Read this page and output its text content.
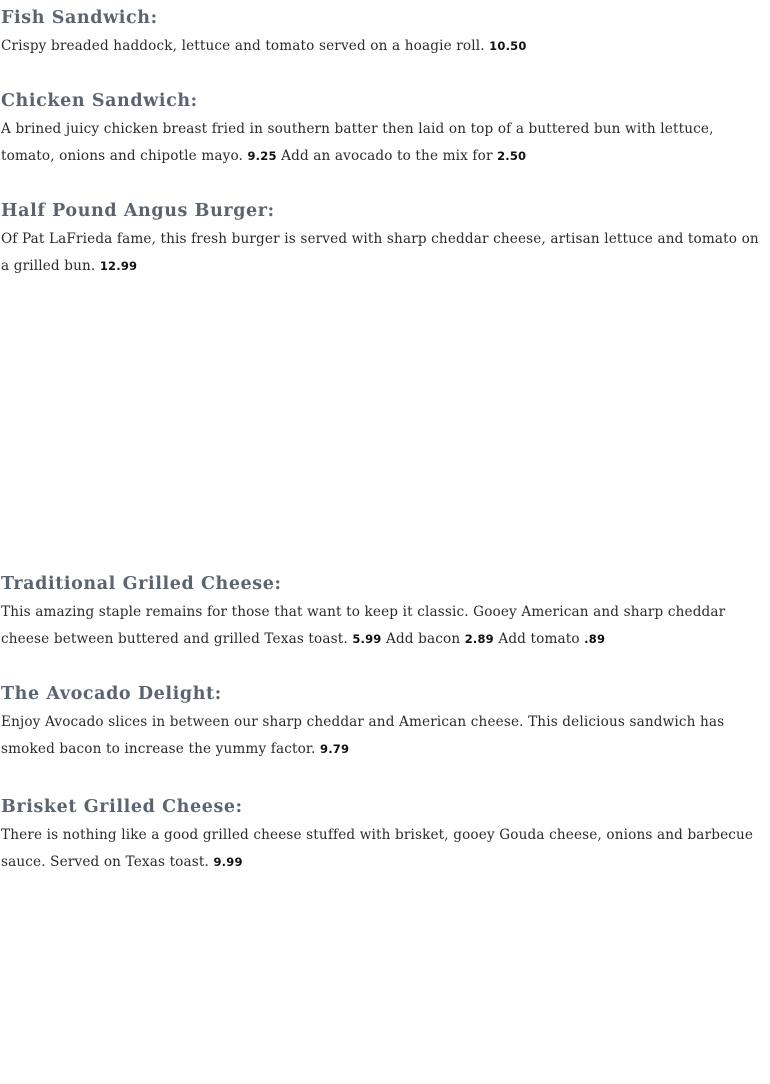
Fish Sandwich:

Crispy breaded haddock, lettuce and tomato served on a hoagie roll. 10.50

Chicken Sandwich:

A brined juicy chicken breast fried in southern batter then laid on top of a buttered bun with lettuce, tomato, onions and chipotle mayo. 9.25 Add an avocado to the mix for 2.50

Half Pound Angus Burger:

Of Pat LaFrieda fame, this fresh burger is served with sharp cheddar cheese, artisan lettuce and tomato on a grilled bun. 12.99

Traditional Grilled Cheese:

This amazing staple remains for those that want to keep it classic. Gooey American and sharp cheddar cheese between buttered and grilled Texas toast. 5.99 Add bacon 2.89 Add tomato .89

The Avocado Delight:

Enjoy Avocado slices in between our sharp cheddar and American cheese. This delicious sandwich has smoked bacon to increase the yummy factor. 9.79

Brisket Grilled Cheese:

There is nothing like a good grilled cheese stuffed with brisket, gooey Gouda cheese, onions and barbecue sauce. Served on Texas toast. 9.99
